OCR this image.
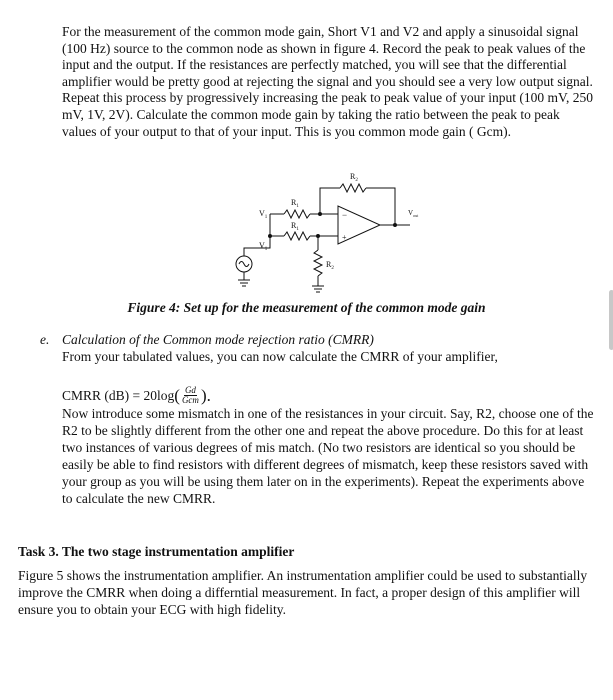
For the measurement of the common mode gain, Short V1 and V2 and apply a sinusoidal signal (100 Hz) source to the common node as shown in figure 4. Record the peak to peak values of the input and the output. If the resistances are perfectly matched, you will see that the differential amplifier would be pretty good at rejecting the signal and you should see a very low output signal. Repeat this process by progressively increasing the peak to peak value of your input (100 mV, 250 mV, 1V, 2V). Calculate the common mode gain by taking the ratio between the peak to peak values of your output to that of your input. This is you common mode gain ( Gcm).

−
+
$R_2$
$R_1$
$R_1$
$R_2$
$V_1$
$V_1$
$V_{out}$
Figure 4: Set up for the measurement of the common mode gain
e. Calculation of the Common mode rejection ratio (CMRR)
From your tabulated values, you can now calculate the CMRR of your amplifier,
CMRR (dB) = 20log ( $\frac{Gd}{\text{Gcm}}$ ).

Now introduce some mismatch in one of the resistances in your circuit. Say, R2, choose one of the R2 to be slightly different from the other one and repeat the above procedure. Do this for at least two instances of various degrees of mis match. (No two resistors are identical so you should be easily be able to find resistors with different degrees of mismatch, keep these resistors saved with your group as you will be using them later on in the experiments). Repeat the experiments above to calculate the new CMRR.

Task 3. The two stage instrumentation amplifier

Figure 5 shows the instrumentation amplifier. An instrumentation amplifier could be used to substantially improve the CMRR when doing a differntial measurement. In fact, a proper design of this amplifier will ensure you to obtain your ECG with high fidelity.
